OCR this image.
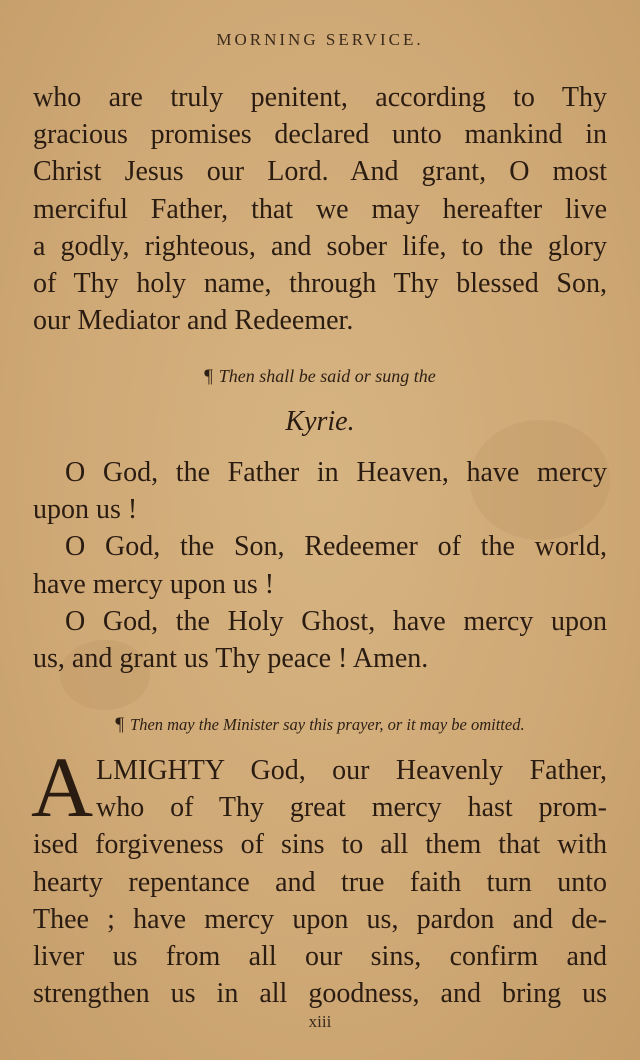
MORNING SERVICE.
who are truly penitent, according to Thy
gracious promises declared unto mankind in
Christ Jesus our Lord. And grant, O most
merciful Father, that we may hereafter live
a godly, righteous, and sober life, to the glory
of Thy holy name, through Thy blessed Son,
our Mediator and Redeemer.
¶ Then shall be said or sung the
Kyrie.
O God, the Father in Heaven, have mercy
upon us !
O God, the Son, Redeemer of the world,
have mercy upon us !
O God, the Holy Ghost, have mercy upon
us, and grant us Thy peace ! Amen.
¶ Then may the Minister say this prayer, or it may be omitted.
A LMIGHTY God, our Heavenly Father,
who of Thy great mercy hast prom-
ised forgiveness of sins to all them that with
hearty repentance and true faith turn unto
Thee ; have mercy upon us, pardon and de-
liver us from all our sins, confirm and
strengthen us in all goodness, and bring us
xiii
